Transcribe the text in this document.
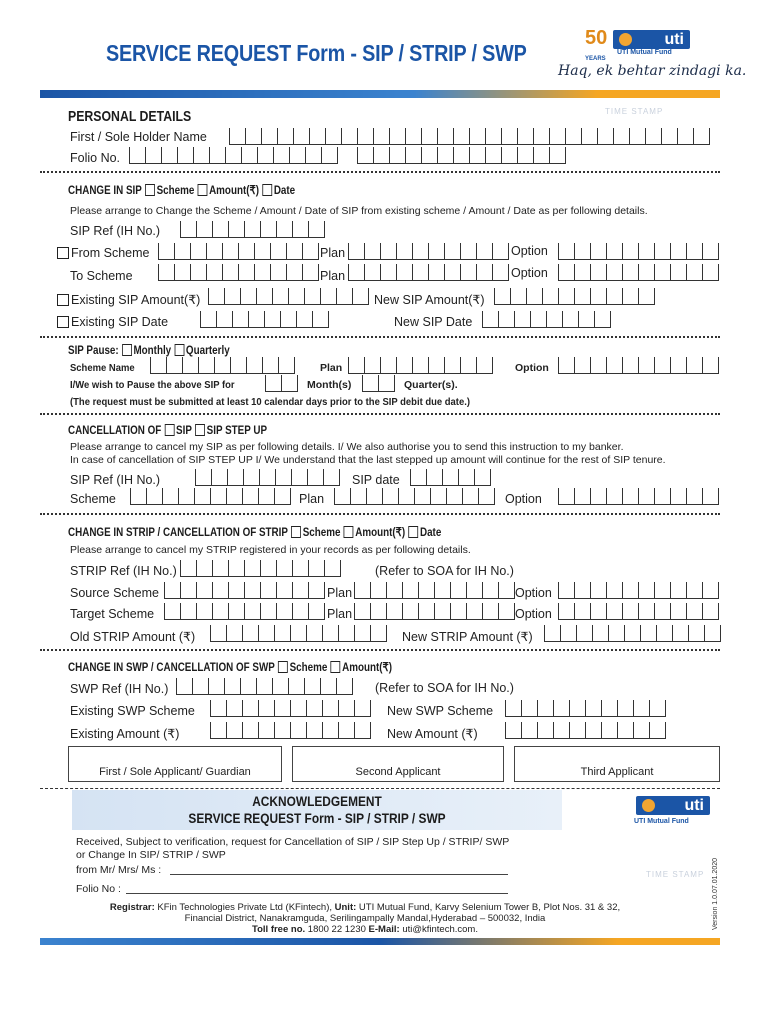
SERVICE REQUEST Form - SIP / STRIP / SWP
50
YEARS
uti
UTI Mutual Fund
Haq, ek behtar zindagi ka.
TIME STAMP
PERSONAL DETAILS
First / Sole Holder Name
Folio No.
CHANGE IN SIP Scheme Amount(₹) Date
Please arrange to Change the Scheme / Amount / Date of SIP from existing scheme / Amount / Date as per following details.
SIP Ref (IH No.)
From Scheme	Plan	Option
To Scheme	Plan	Option
Existing SIP Amount(₹)	New SIP Amount(₹)
Existing SIP Date	New SIP Date
SIP Pause: Monthly Quarterly
Scheme Name	Plan	Option
I/We wish to Pause the above SIP for	Month(s)	Quarter(s).
(The request must be submitted at least 10 calendar days prior to the SIP debit due date.)
CANCELLATION OF SIP SIP STEP UP
Please arrange to cancel my SIP as per following details. I/ We also authorise you to send this instruction to my banker.
In case of cancellation of SIP STEP UP I/ We understand that the last stepped up amount will continue for the rest of SIP tenure.
SIP Ref (IH No.)	SIP date
Scheme	Plan	Option
CHANGE IN STRIP / CANCELLATION OF STRIP Scheme Amount(₹) Date
Please arrange to cancel my STRIP registered in your records as per following details.
STRIP Ref (IH No.)	(Refer to SOA for IH No.)
Source Scheme	Plan	Option
Target Scheme	Plan	Option
Old STRIP Amount (₹)	New STRIP Amount (₹)
CHANGE IN SWP / CANCELLATION OF SWP Scheme Amount(₹)
SWP Ref (IH No.)	(Refer to SOA for IH No.)
Existing SWP Scheme	New SWP Scheme
Existing Amount (₹)	New Amount (₹)
First / Sole Applicant/ Guardian	Second Applicant	Third Applicant
ACKNOWLEDGEMENT
SERVICE REQUEST Form - SIP / STRIP / SWP
uti
UTI Mutual Fund
Received, Subject to verification, request for Cancellation of SIP / SIP Step Up / STRIP/ SWP
or Change In SIP/ STRIP / SWP
from Mr/ Mrs/ Ms :	TIME STAMP
Folio No :
Registrar: KFin Technologies Private Ltd (KFintech), Unit: UTI Mutual Fund, Karvy Selenium Tower B, Plot Nos. 31 & 32,
Financial District, Nanakramguda, Serilingampally Mandal,Hyderabad – 500032, India
Toll free no. 1800 22 1230 E-Mail: uti@kfintech.com.	Version 1.0.07.01.2020
